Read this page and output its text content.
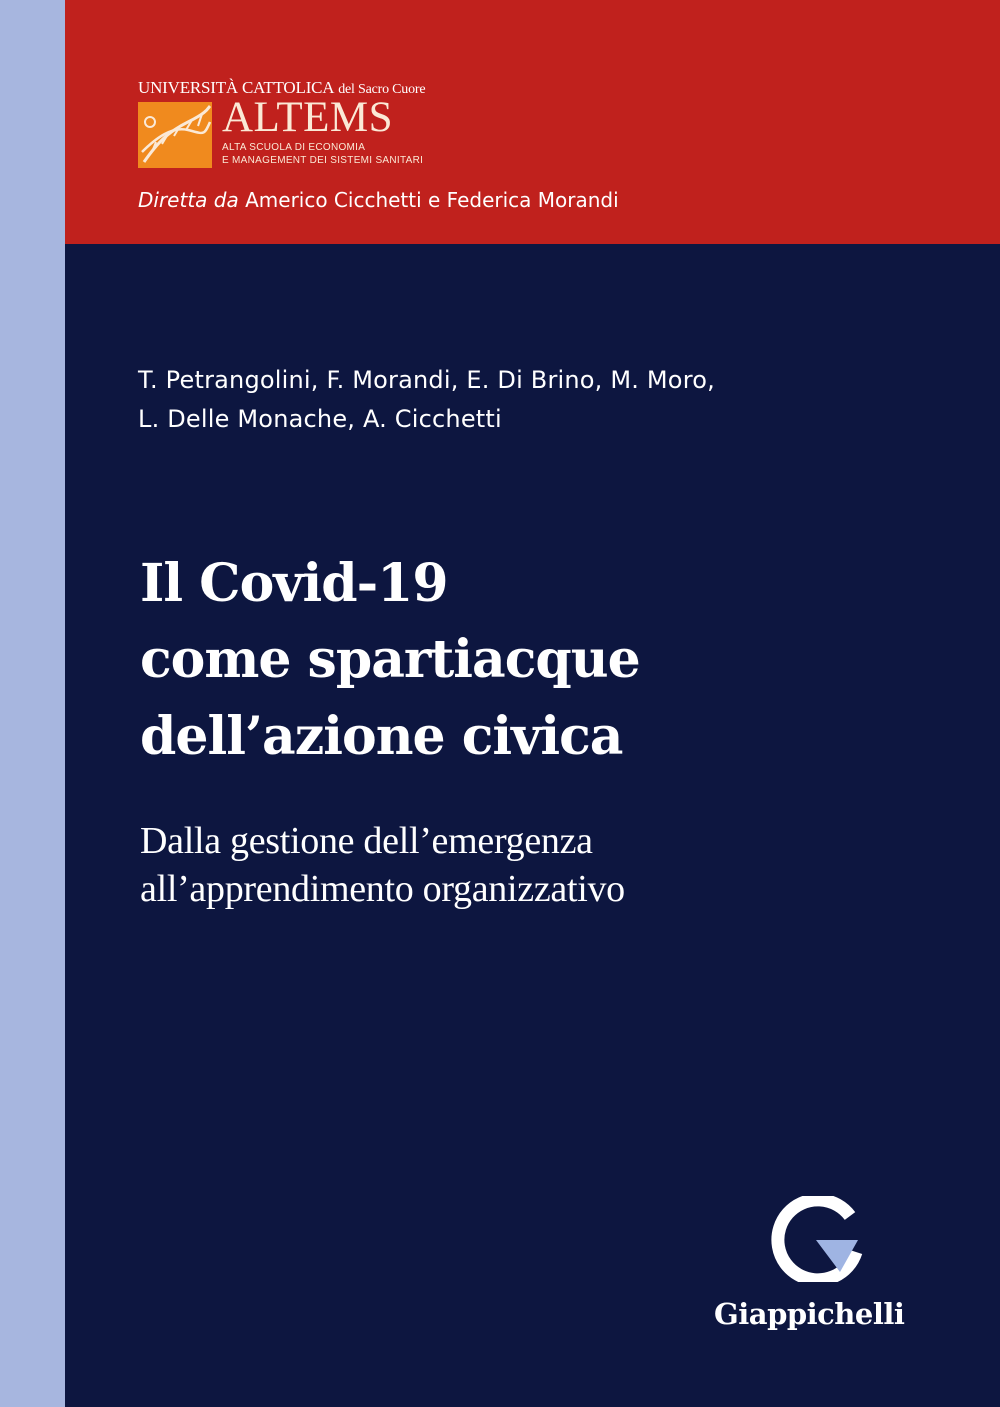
UNIVERSITÀ CATTOLICA del Sacro Cuore
ALTEMS
ALTA SCUOLA DI ECONOMIA
E MANAGEMENT DEI SISTEMI SANITARI
Diretta da Americo Cicchetti e Federica Morandi
T. Petrangolini, F. Morandi, E. Di Brino, M. Moro,
L. Delle Monache, A. Cicchetti
Il Covid-19
come spartiacque
dell’azione civica
Dalla gestione dell’emergenza
all’apprendimento organizzativo
Giappichelli
